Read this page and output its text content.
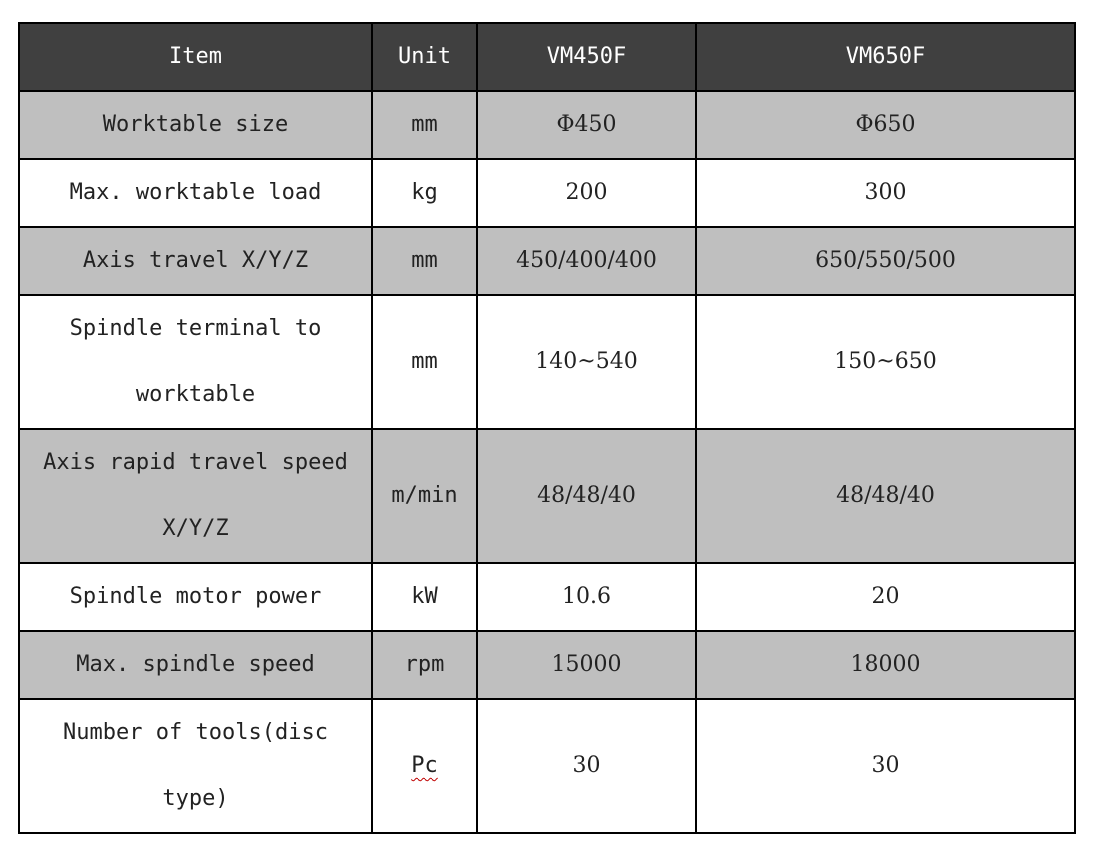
Item	Unit	VM450F	VM650F
Worktable size	mm	Φ450	Φ650
Max. worktable load	kg	200	300
Axis travel X/Y/Z	mm	450/400/400	650/550/500
Spindle terminal to worktable	mm	140~540	150~650
Axis rapid travel speed X/Y/Z	m/min	48/48/40	48/48/40
Spindle motor power	kW	10.6	20
Max. spindle speed	rpm	15000	18000
Number of tools(disc type)	Pc	30	30
